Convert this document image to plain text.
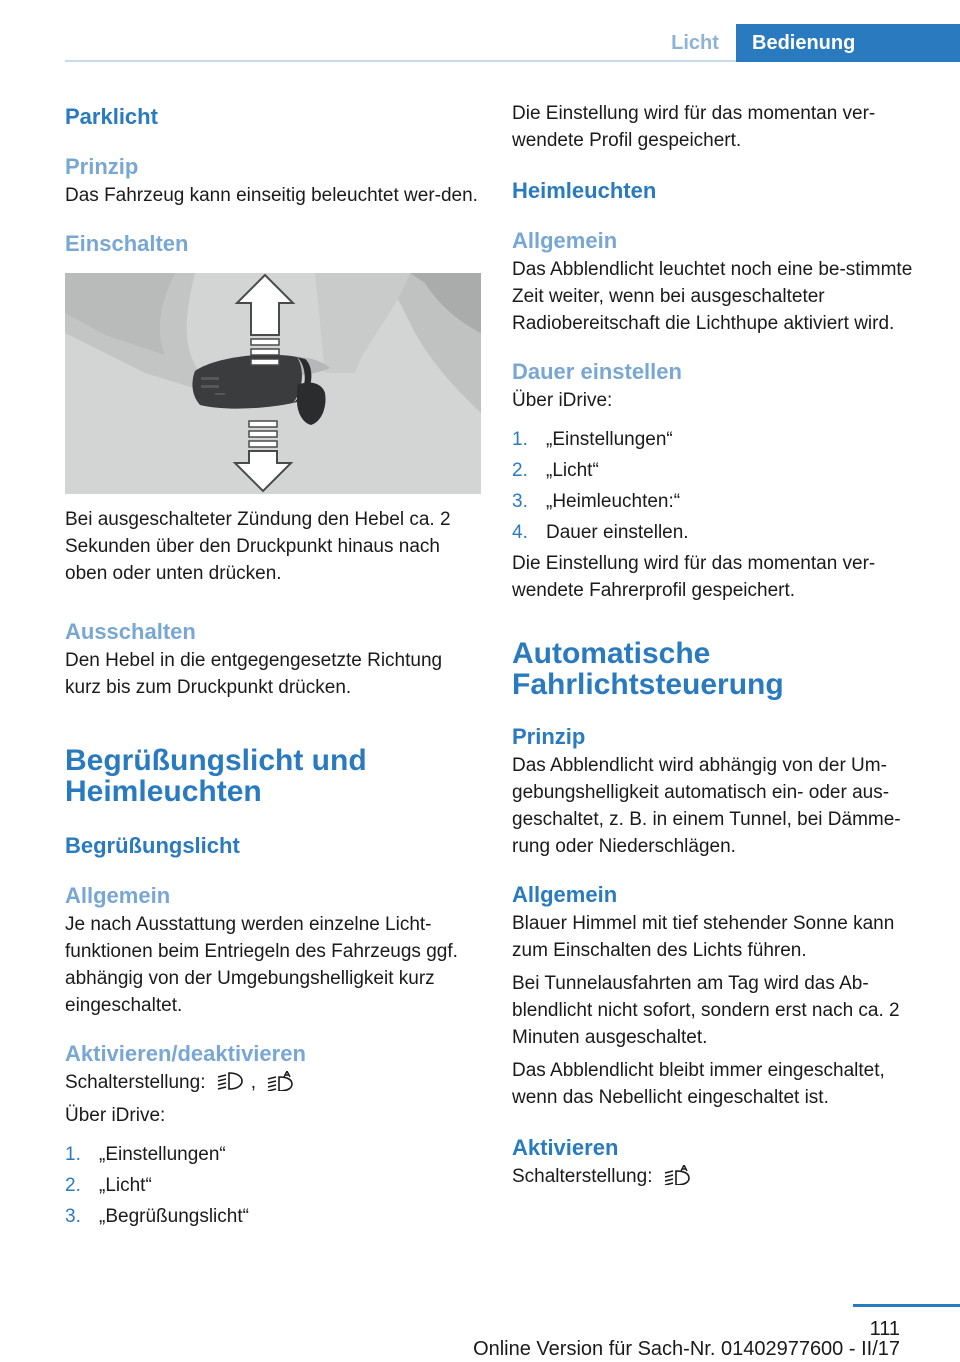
Licht	Bedienung
Parklicht
Prinzip

Das Fahrzeug kann einseitig beleuchtet wer-den.

Einschalten

Bei ausgeschalteter Zündung den Hebel ca. 2 Sekunden über den Druckpunkt hinaus nach oben oder unten drücken.

Ausschalten

Den Hebel in die entgegengesetzte Richtung kurz bis zum Druckpunkt drücken.

Begrüßungslicht und
Heimleuchten
Begrüßungslicht
Allgemein

Je nach Ausstattung werden einzelne Licht-funktionen beim Entriegeln des Fahrzeugs ggf. abhängig von der Umgebungshelligkeit kurz eingeschaltet.

Aktivieren/deaktivieren

Schalterstellung: ,

Über iDrive:

1. „Einstellungen“
2. „Licht“
3. „Begrüßungslicht“

Die Einstellung wird für das momentan ver-wendete Profil gespeichert.

Heimleuchten
Allgemein

Das Abblendlicht leuchtet noch eine be-stimmte Zeit weiter, wenn bei ausgeschalteter Radiobereitschaft die Lichthupe aktiviert wird.

Dauer einstellen

Über iDrive:

1. „Einstellungen“
2. „Licht“
3. „Heimleuchten:“
4. Dauer einstellen.

Die Einstellung wird für das momentan ver-wendete Fahrerprofil gespeichert.

Automatische
Fahrlichtsteuerung
Prinzip

Das Abblendlicht wird abhängig von der Um-gebungshelligkeit automatisch ein- oder aus-geschaltet, z. B. in einem Tunnel, bei Dämme-rung oder Niederschlägen.

Allgemein

Blauer Himmel mit tief stehender Sonne kann zum Einschalten des Lichts führen.

Bei Tunnelausfahrten am Tag wird das Ab-blendlicht nicht sofort, sondern erst nach ca. 2 Minuten ausgeschaltet.

Das Abblendlicht bleibt immer eingeschaltet, wenn das Nebellicht eingeschaltet ist.

Aktivieren

Schalterstellung:

111
Online Version für Sach-Nr. 01402977600 - II/17
